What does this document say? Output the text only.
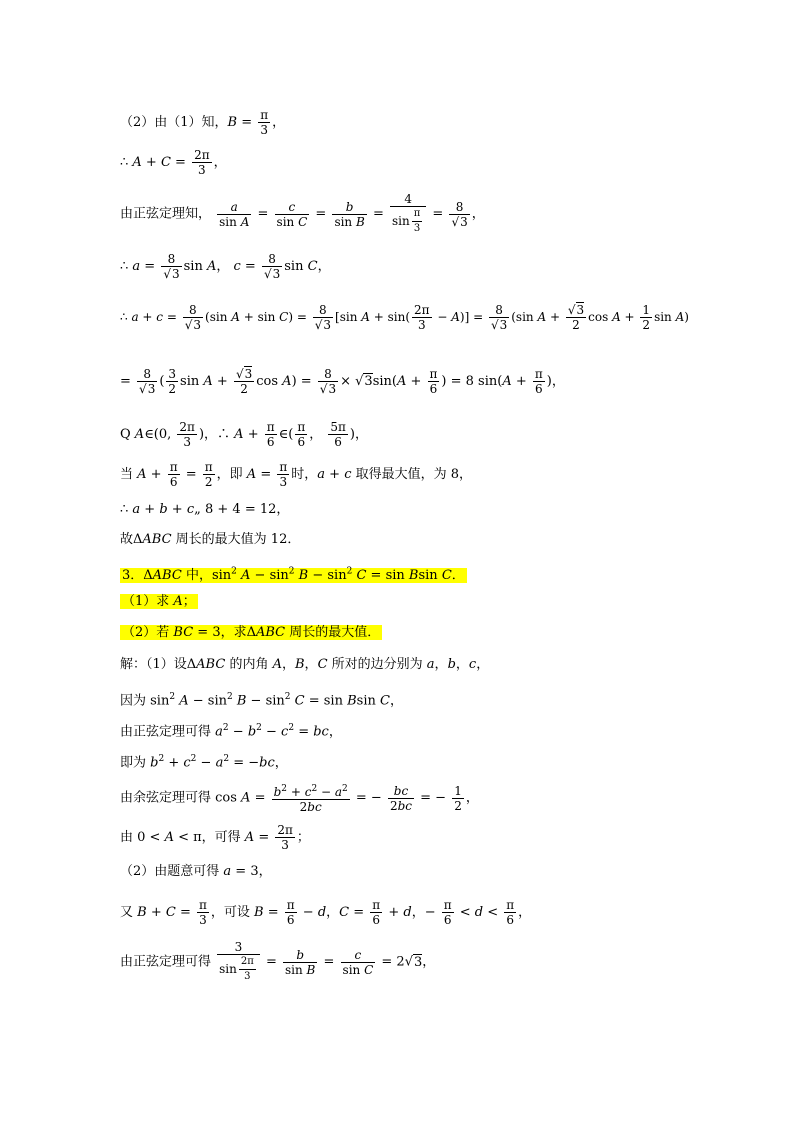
（2）由（1）知，$B = \frac{\pi}{3}$ ，
∴ $A + C = \frac{2\pi}{3}$ ，
由正弦定理知， $\frac{a}{\text{sin A}} = \frac{c}{\text{sin C}} = \frac{b}{\text{sin B}} = \frac{4}{\sin \frac{\pi}{3}} = \frac{8}{√3}$ ，
∴ $a = \frac{8}{√3}$ sin A， $c = \frac{8}{√3}$ sin C，
∴ $a + c = \frac{8}{√3} (\sin$ $A + \sin C) = \frac{8}{√3} [\sin$ $A + \sin( \frac{2\pi}{3} - A)] = \frac{8}{√3} (\sin$ $A + \frac{√3}{2}$ $\cos A + \frac{1}{2}$ sin A)
= $\frac{8}{√3}$ ( $\frac{3}{2}$ $\sin A + \frac{√3}{2}$ $\cos A) = \frac{8}{√3} \times √3\sin(A + \frac{\pi}{6}$ ) = 8 $\sin(A + \frac{\pi}{6}$ )，
Q A∈(0, $\frac{2\pi}{3}$ )，∴ $A + \frac{\pi}{6}$ ∈( $\frac{\pi}{6}$ ， $\frac{5\pi}{6}$ )，
当 $A + \frac{\pi}{6} = \frac{\pi}{2}$ ，即 $A = \frac{\pi}{3}$ 时，a + c 取得最大值，为 8，
∴ a + b + c„ 8 + 4 = 12，
故ΔABC 周长的最大值为 12．
3．ΔABC 中，$\sin^2 A - \sin^2 B - \sin^2 C = \sin Bsin$ C．
（1）求 A；
（2）若 BC = 3，求ΔABC 周长的最大值．
解：（1）设ΔABC 的内角 A，B，C 所对的边分别为 a，b，c，
因为 $\sin^2 A - \sin^2 B - \sin^2 C = \sin Bsin$ C，
由正弦定理可得 $a^2 - b^2 - c^2$ = bc，
即为 $b^2 + c^2 - a^2 = -bc$，
由余弦定理可得 $\cos A = \frac{b^2 + c^2 - a^2}{2bc}$ = − $\frac{bc}{2bc}$ = − $\frac{1}{2}$ ，
由 0 < A < π，可得 $A = \frac{2\pi}{3}$ ；
（2）由题意可得 a = 3，
又 $B + C = \frac{\pi}{3}$ ，可设 $B = \frac{\pi}{6} - d$，$C = \frac{\pi}{6} + d$，− $\frac{\pi}{6} < d < \frac{\pi}{6}$ ，
由正弦定理可得 $\frac{3}{\sin \frac{2\pi}{3}} = \frac{b}{\text{sin B}} = \frac{c}{\text{sin C}} = 2√3$，
